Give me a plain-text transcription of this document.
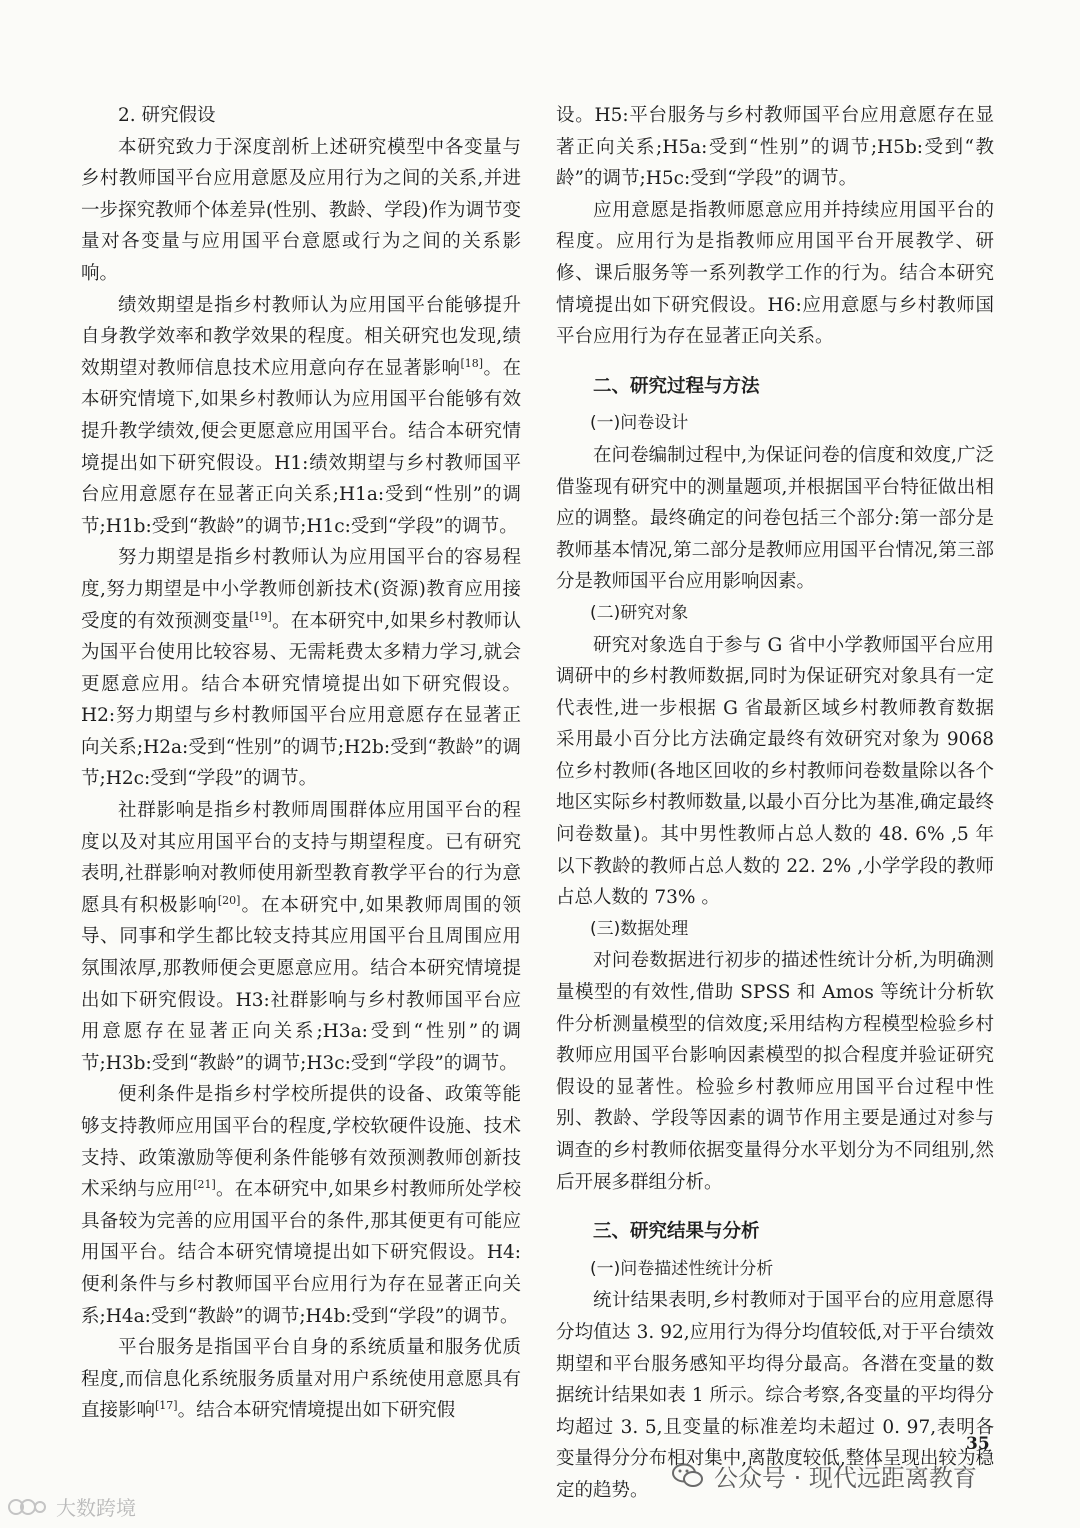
2. 研究假设

本研究致力于深度剖析上述研究模型中各变量与乡村教师国平台应用意愿及应用行为之间的关系,并进一步探究教师个体差异(性别、教龄、学段)作为调节变量对各变量与应用国平台意愿或行为之间的关系影响。

绩效期望是指乡村教师认为应用国平台能够提升自身教学效率和教学效果的程度。相关研究也发现,绩效期望对教师信息技术应用意向存在显著影响[18]。在本研究情境下,如果乡村教师认为应用国平台能够有效提升教学绩效,便会更愿意应用国平台。结合本研究情境提出如下研究假设。H1:绩效期望与乡村教师国平台应用意愿存在显著正向关系;H1a:受到“性别”的调节;H1b:受到“教龄”的调节;H1c:受到“学段”的调节。

努力期望是指乡村教师认为应用国平台的容易程度,努力期望是中小学教师创新技术(资源)教育应用接受度的有效预测变量[19]。在本研究中,如果乡村教师认为国平台使用比较容易、无需耗费太多精力学习,就会更愿意应用。结合本研究情境提出如下研究假设。H2:努力期望与乡村教师国平台应用意愿存在显著正向关系;H2a:受到“性别”的调节;H2b:受到“教龄”的调节;H2c:受到“学段”的调节。

社群影响是指乡村教师周围群体应用国平台的程度以及对其应用国平台的支持与期望程度。已有研究表明,社群影响对教师使用新型教育教学平台的行为意愿具有积极影响[20]。在本研究中,如果教师周围的领导、同事和学生都比较支持其应用国平台且周围应用氛围浓厚,那教师便会更愿意应用。结合本研究情境提出如下研究假设。H3:社群影响与乡村教师国平台应用意愿存在显著正向关系;H3a:受到“性别”的调节;H3b:受到“教龄”的调节;H3c:受到“学段”的调节。

便利条件是指乡村学校所提供的设备、政策等能够支持教师应用国平台的程度,学校软硬件设施、技术支持、政策激励等便利条件能够有效预测教师创新技术采纳与应用[21]。在本研究中,如果乡村教师所处学校具备较为完善的应用国平台的条件,那其便更有可能应用国平台。结合本研究情境提出如下研究假设。H4:便利条件与乡村教师国平台应用行为存在显著正向关系;H4a:受到“教龄”的调节;H4b:受到“学段”的调节。

平台服务是指国平台自身的系统质量和服务优质程度,而信息化系统服务质量对用户系统使用意愿具有直接影响[17]。结合本研究情境提出如下研究假

设。H5:平台服务与乡村教师国平台应用意愿存在显著正向关系;H5a:受到“性别”的调节;H5b:受到“教龄”的调节;H5c:受到“学段”的调节。

应用意愿是指教师愿意应用并持续应用国平台的程度。应用行为是指教师应用国平台开展教学、研修、课后服务等一系列教学工作的行为。结合本研究情境提出如下研究假设。H6:应用意愿与乡村教师国平台应用行为存在显著正向关系。

二、研究过程与方法

(一)问卷设计

在问卷编制过程中,为保证问卷的信度和效度,广泛借鉴现有研究中的测量题项,并根据国平台特征做出相应的调整。最终确定的问卷包括三个部分:第一部分是教师基本情况,第二部分是教师应用国平台情况,第三部分是教师国平台应用影响因素。

(二)研究对象

研究对象选自于参与 G 省中小学教师国平台应用调研中的乡村教师数据,同时为保证研究对象具有一定代表性,进一步根据 G 省最新区域乡村教师教育数据采用最小百分比方法确定最终有效研究对象为 9068 位乡村教师(各地区回收的乡村教师问卷数量除以各个地区实际乡村教师数量,以最小百分比为基准,确定最终问卷数量)。其中男性教师占总人数的 48. 6% ,5 年以下教龄的教师占总人数的 22. 2% ,小学学段的教师占总人数的 73% 。

(三)数据处理

对问卷数据进行初步的描述性统计分析,为明确测量模型的有效性,借助 SPSS 和 Amos 等统计分析软件分析测量模型的信效度;采用结构方程模型检验乡村教师应用国平台影响因素模型的拟合程度并验证研究假设的显著性。检验乡村教师应用国平台过程中性别、教龄、学段等因素的调节作用主要是通过对参与调查的乡村教师依据变量得分水平划分为不同组别,然后开展多群组分析。

三、研究结果与分析

(一)问卷描述性统计分析

统计结果表明,乡村教师对于国平台的应用意愿得分均值达 3. 92,应用行为得分均值较低,对于平台绩效期望和平台服务感知平均得分最高。各潜在变量的数据统计结果如表 1 所示。综合考察,各变量的平均得分均超过 3. 5,且变量的标准差均未超过 0. 97,表明各变量得分分布相对集中,离散度较低,整体呈现出较为稳定的趋势。

35
公众号 · 现代远距离教育
大数跨境
